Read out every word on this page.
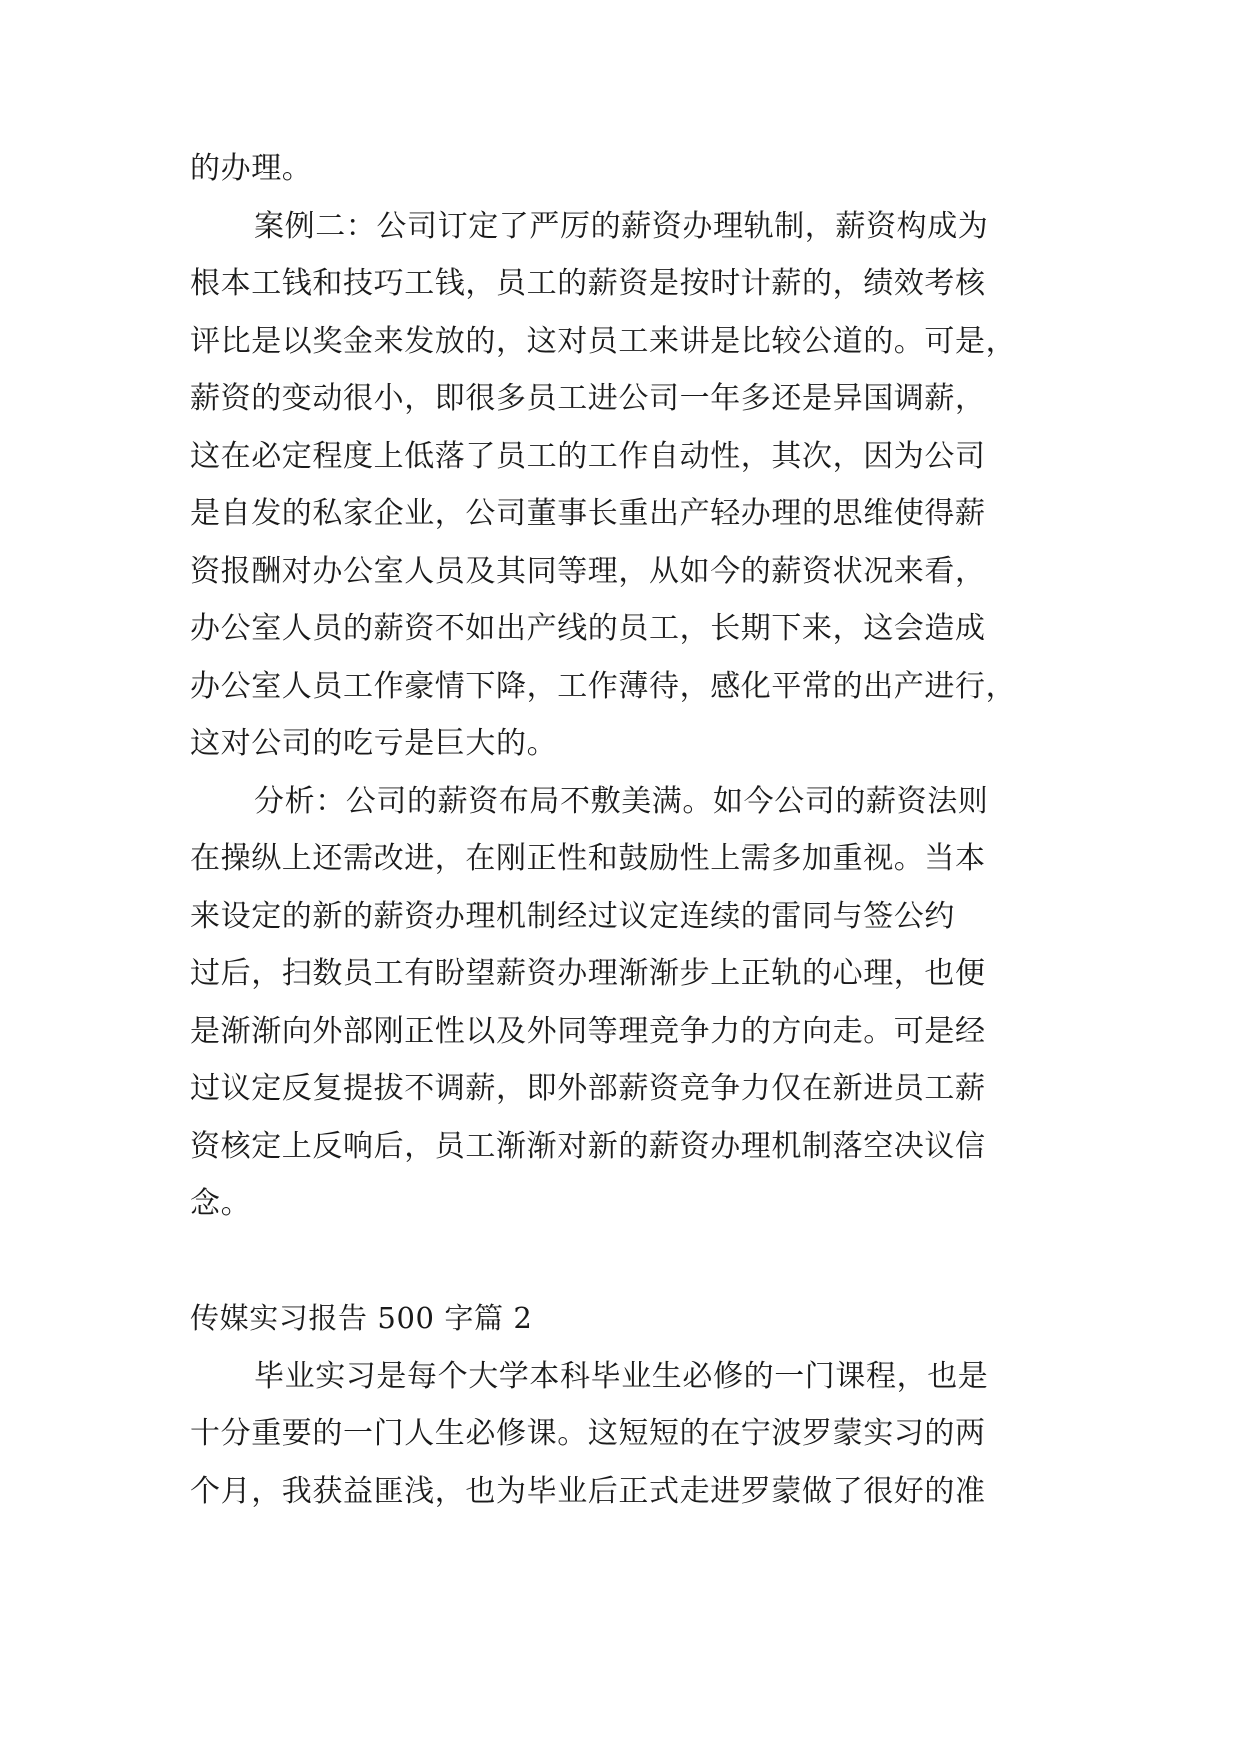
的办理。
案例二：公司订定了严厉的薪资办理轨制，薪资构成为
根本工钱和技巧工钱，员工的薪资是按时计薪的，绩效考核
评比是以奖金来发放的，这对员工来讲是比较公道的。可是，
薪资的变动很小，即很多员工进公司一年多还是异国调薪，
这在必定程度上低落了员工的工作自动性，其次，因为公司
是自发的私家企业，公司董事长重出产轻办理的思维使得薪
资报酬对办公室人员及其同等理，从如今的薪资状况来看，
办公室人员的薪资不如出产线的员工，长期下来，这会造成
办公室人员工作豪情下降，工作薄待，感化平常的出产进行，
这对公司的吃亏是巨大的。
分析：公司的薪资布局不敷美满。如今公司的薪资法则
在操纵上还需改进，在刚正性和鼓励性上需多加重视。当本
来设定的新的薪资办理机制经过议定连续的雷同与签公约
过后，扫数员工有盼望薪资办理渐渐步上正轨的心理，也便
是渐渐向外部刚正性以及外同等理竞争力的方向走。可是经
过议定反复提拔不调薪，即外部薪资竞争力仅在新进员工薪
资核定上反响后，员工渐渐对新的薪资办理机制落空决议信
念。
传媒实习报告 500 字篇 2
毕业实习是每个大学本科毕业生必修的一门课程，也是
十分重要的一门人生必修课。这短短的在宁波罗蒙实习的两
个月，我获益匪浅，也为毕业后正式走进罗蒙做了很好的准
